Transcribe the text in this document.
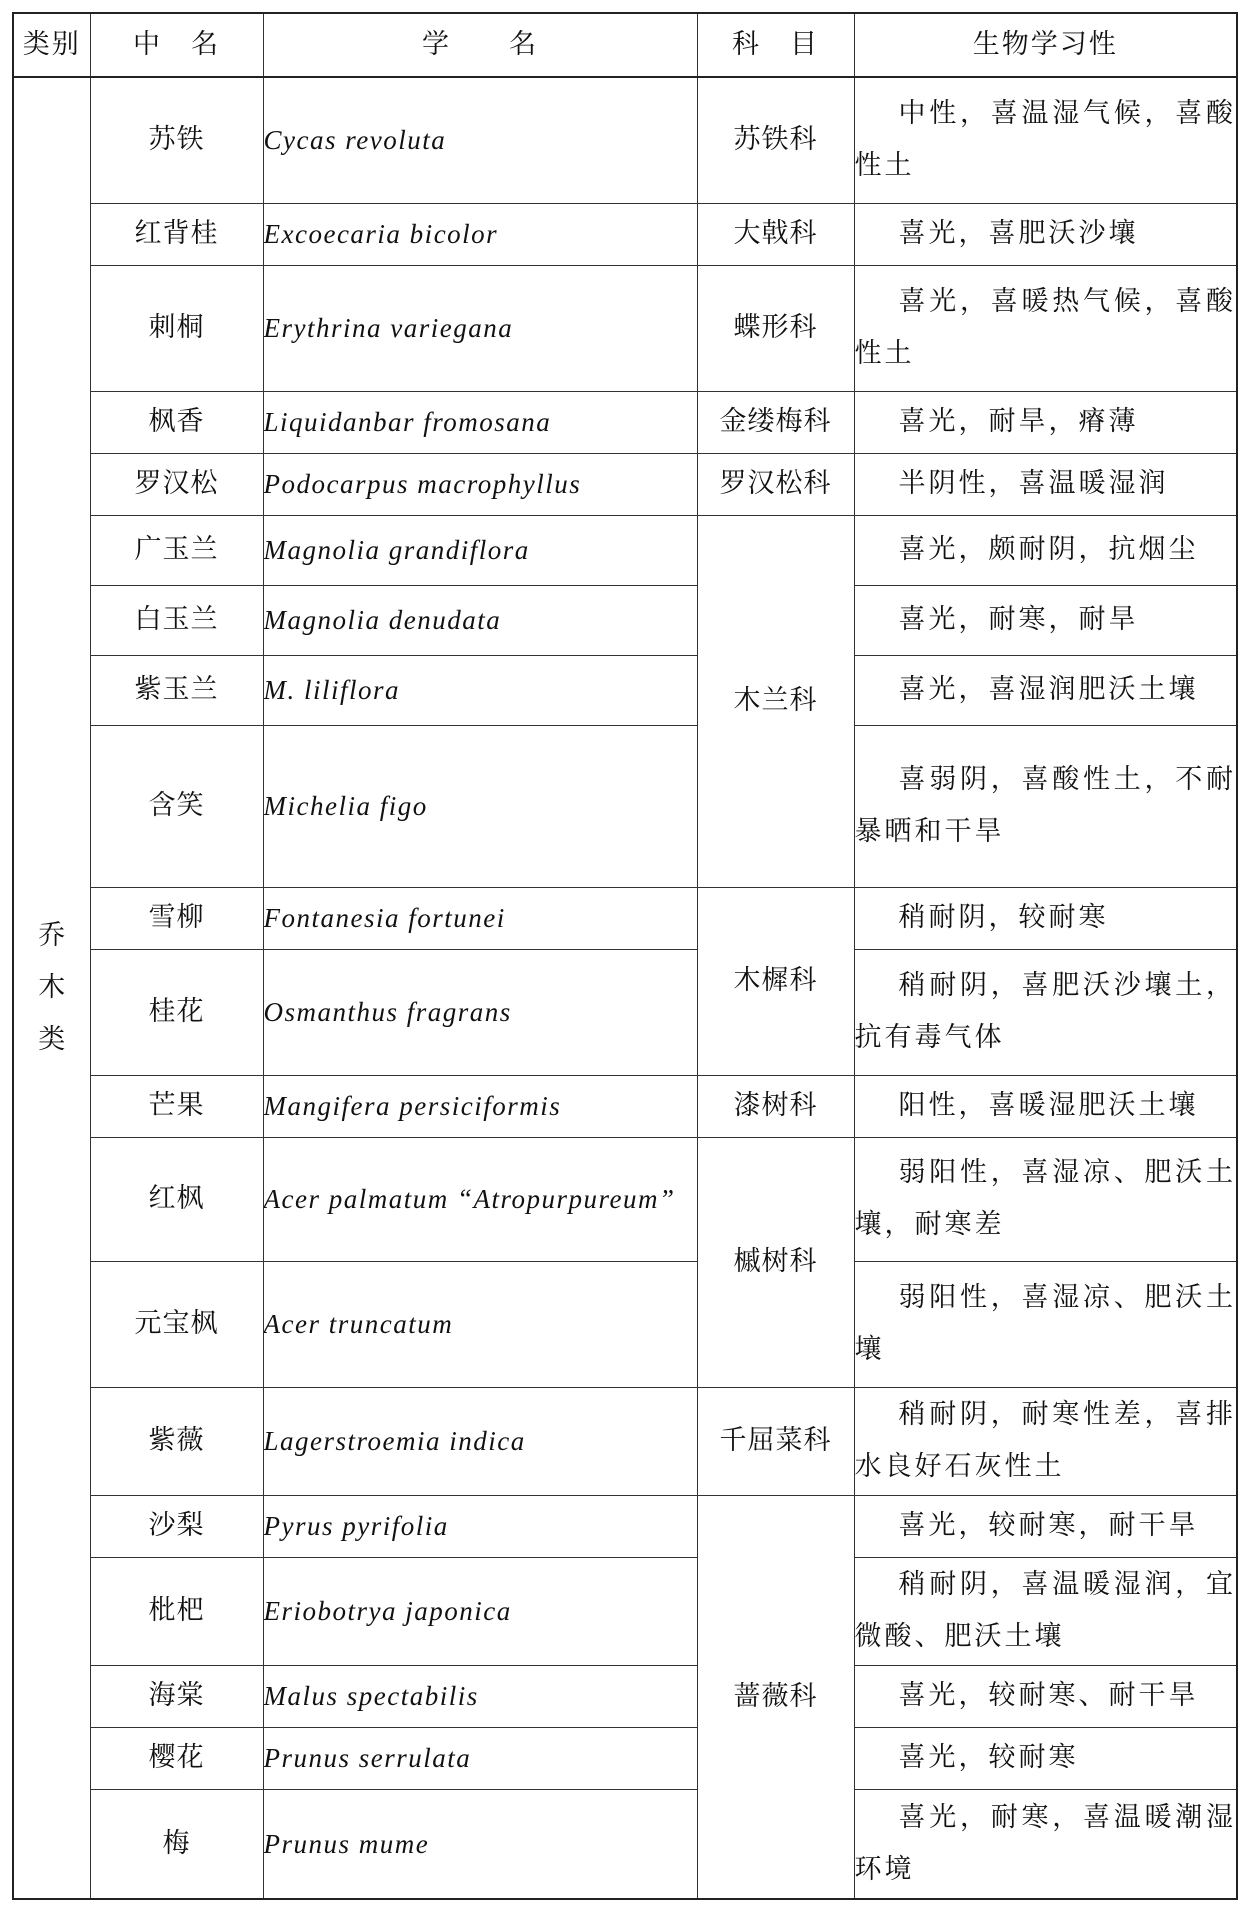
类别	中　名	学　　名	科　目	生物学习性
乔木类	苏铁	Cycas revoluta	苏铁科	中性，喜温湿气候，喜酸性土
	红背桂	Excoecaria bicolor	大戟科	喜光，喜肥沃沙壤
	刺桐	Erythrina variegana	蝶形科	喜光，喜暖热气候，喜酸性土
	枫香	Liquidanbar fromosana	金缕梅科	喜光，耐旱，瘠薄
	罗汉松	Podocarpus macrophyllus	罗汉松科	半阴性，喜温暖湿润
	广玉兰	Magnolia grandiflora	木兰科	喜光，颇耐阴，抗烟尘
	白玉兰	Magnolia denudata		喜光，耐寒，耐旱
	紫玉兰	M. liliflora		喜光，喜湿润肥沃土壤
	含笑	Michelia figo		喜弱阴，喜酸性土，不耐暴晒和干旱
	雪柳	Fontanesia fortunei	木樨科	稍耐阴，较耐寒
	桂花	Osmanthus fragrans		稍耐阴，喜肥沃沙壤土，抗有毒气体
	芒果	Mangifera persiciformis	漆树科	阳性，喜暖湿肥沃土壤
	红枫	Acer palmatum “Atropurpureum”	槭树科	弱阳性，喜湿凉、肥沃土壤，耐寒差
	元宝枫	Acer truncatum		弱阳性，喜湿凉、肥沃土壤
	紫薇	Lagerstroemia indica	千屈菜科	稍耐阴，耐寒性差，喜排水良好石灰性土
	沙梨	Pyrus pyrifolia	蔷薇科	喜光，较耐寒，耐干旱
	枇杷	Eriobotrya japonica		稍耐阴，喜温暖湿润，宜微酸、肥沃土壤
	海棠	Malus spectabilis		喜光，较耐寒、耐干旱
	樱花	Prunus serrulata		喜光，较耐寒
	梅	Prunus mume		喜光，耐寒，喜温暖潮湿环境
